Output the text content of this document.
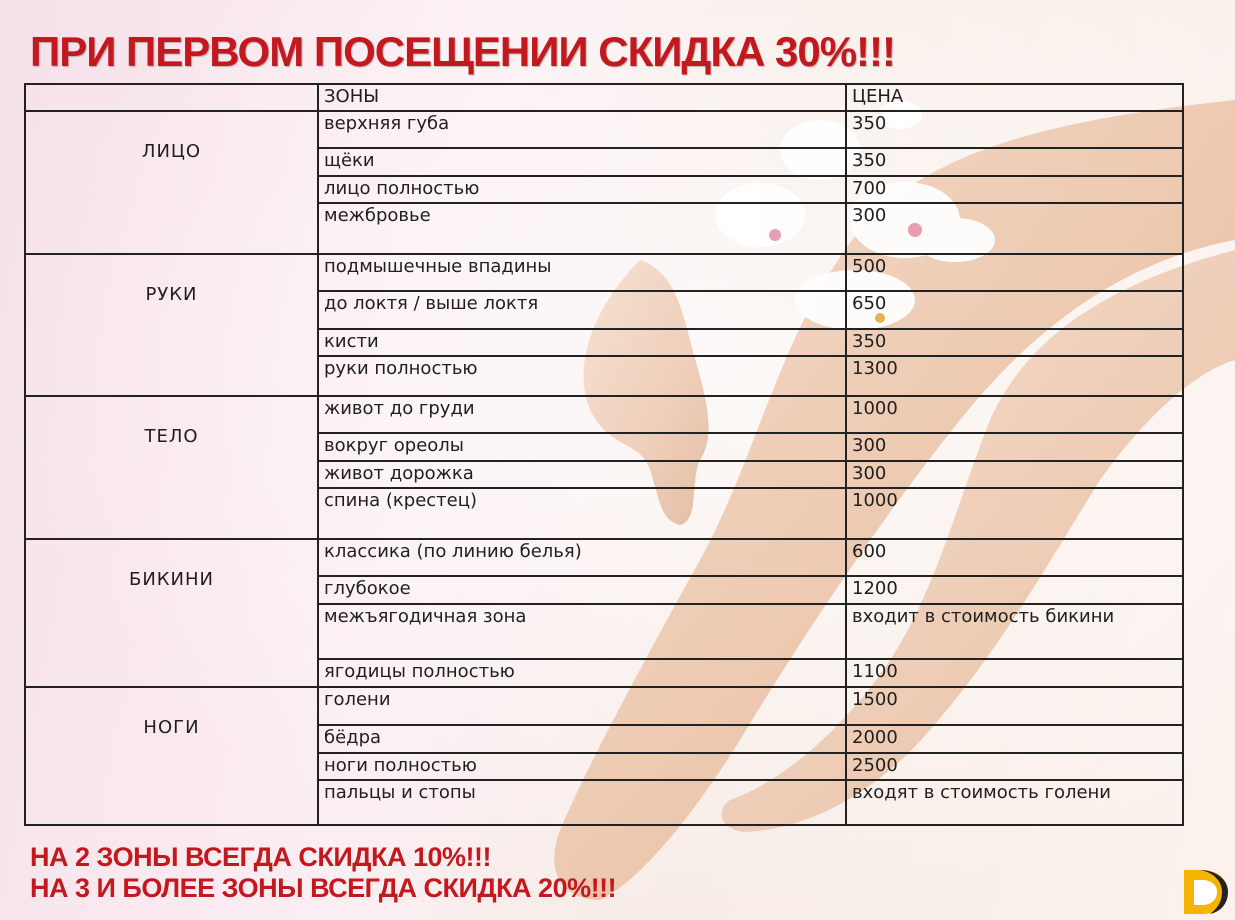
ПРИ ПЕРВОМ ПОСЕЩЕНИИ СКИДКА 30%!!!
	ЗОНЫ	ЦЕНА
ЛИЦО	верхняя губа	350
	щёки	350
	лицо полностью	700
	межбровье	300
РУКИ	подмышечные впадины	500
	до локтя / выше локтя	650
	кисти	350
	руки полностью	1300
ТЕЛО	живот до груди	1000
	вокруг ореолы	300
	живот дорожка	300
	спина (крестец)	1000
БИКИНИ	классика (по линию белья)	600
	глубокое	1200
	межъягодичная зона	входит в стоимость бикини
	ягодицы полностью	1100
НОГИ	голени	1500
	бёдра	2000
	ноги полностью	2500
	пальцы и стопы	входят в стоимость голени

НА 2 ЗОНЫ ВСЕГДА СКИДКА 10%!!!

НА 3 И БОЛЕЕ ЗОНЫ ВСЕГДА СКИДКА 20%!!!
